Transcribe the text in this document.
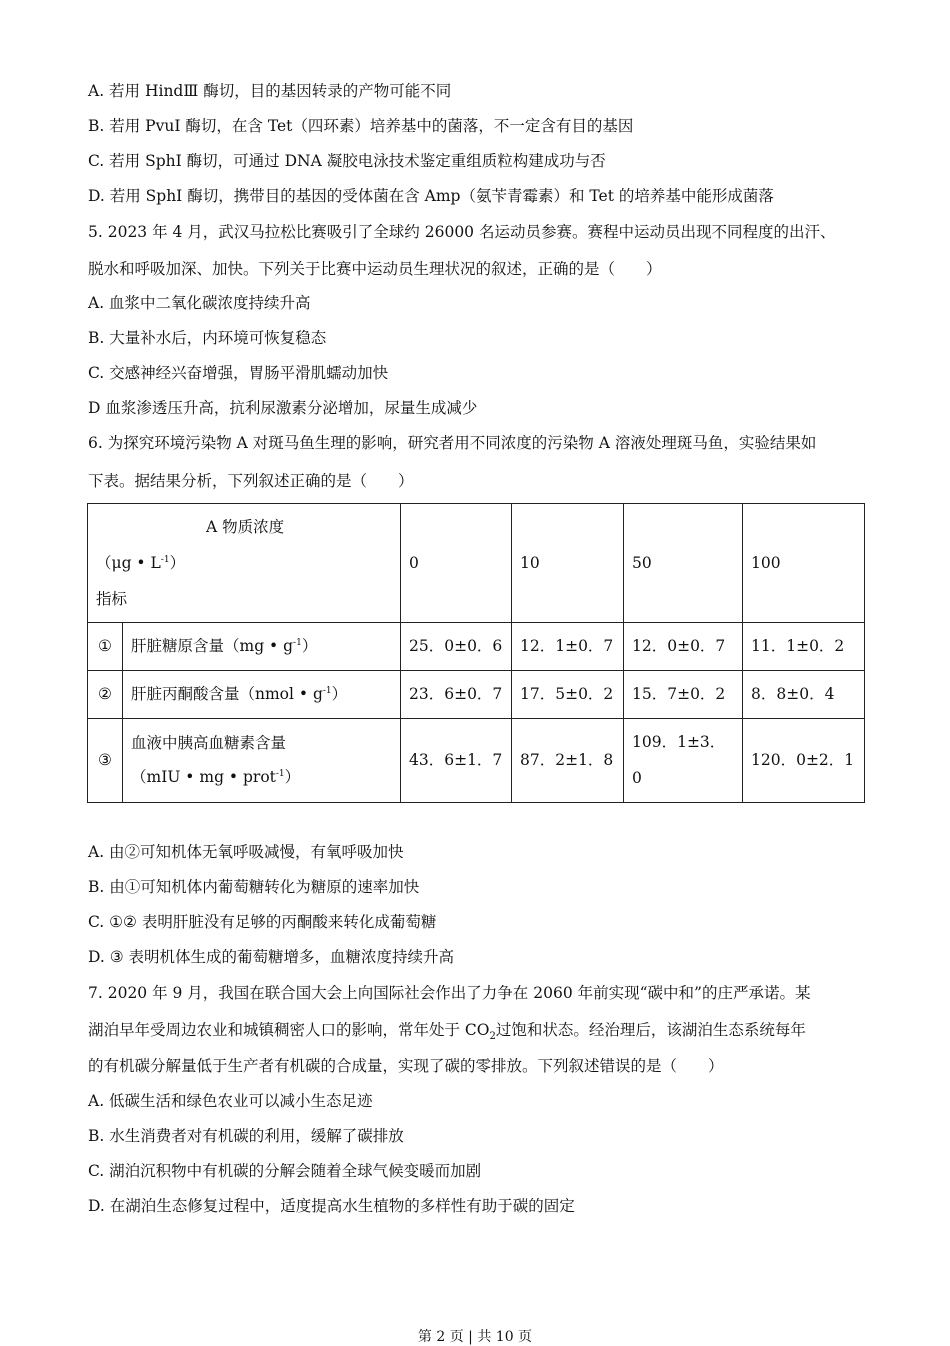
A. 若用 HindⅢ 酶切，目的基因转录的产物可能不同
B. 若用 PvuⅠ 酶切，在含 Tet（四环素）培养基中的菌落，不一定含有目的基因
C. 若用 SphⅠ 酶切，可通过 DNA 凝胶电泳技术鉴定重组质粒构建成功与否
D. 若用 SphⅠ 酶切，携带目的基因的受体菌在含 Amp（氨苄青霉素）和 Tet 的培养基中能形成菌落
5. 2023 年 4 月，武汉马拉松比赛吸引了全球约 26000 名运动员参赛。赛程中运动员出现不同程度的出汗、
脱水和呼吸加深、加快。下列关于比赛中运动员生理状况的叙述，正确的是（　　）
A. 血浆中二氧化碳浓度持续升高
B. 大量补水后，内环境可恢复稳态
C. 交感神经兴奋增强，胃肠平滑肌蠕动加快
D 血浆渗透压升高，抗利尿激素分泌增加，尿量生成减少
6. 为探究环境污染物 A 对斑马鱼生理的影响，研究者用不同浓度的污染物 A 溶液处理斑马鱼，实验结果如
下表。据结果分析，下列叙述正确的是（　　）
A 物质浓度
（μg • $L^{-1}$）
指标		0	10	50	100
①	肝脏糖原含量（mg • $g^{-1}$）	25．0±0．6	12．1±0．7	12．0±0．7	11．1±0．2
②	肝脏丙酮酸含量（nmol • $g^{-1}$）	23．6±0．7	17．5±0．2	15．7±0．2	8．8±0．4
③	血液中胰高血糖素含量
（mIU • mg • prot$^{-1}$）	43．6±1．7	87．2±1．8	109．1±3．0	120．0±2．1
A. 由②可知机体无氧呼吸减慢，有氧呼吸加快
B. 由①可知机体内葡萄糖转化为糖原的速率加快
C. ①② 表明肝脏没有足够的丙酮酸来转化成葡萄糖
D. ③ 表明机体生成的葡萄糖增多，血糖浓度持续升高
7. 2020 年 9 月，我国在联合国大会上向国际社会作出了力争在 2060 年前实现“碳中和”的庄严承诺。某
湖泊早年受周边农业和城镇稠密人口的影响，常年处于 $CO_2$过饱和状态。经治理后，该湖泊生态系统每年
的有机碳分解量低于生产者有机碳的合成量，实现了碳的零排放。下列叙述错误的是（　　）
A. 低碳生活和绿色农业可以减小生态足迹
B. 水生消费者对有机碳的利用，缓解了碳排放
C. 湖泊沉积物中有机碳的分解会随着全球气候变暖而加剧
D. 在湖泊生态修复过程中，适度提高水生植物的多样性有助于碳的固定
第 2 页 | 共 10 页
